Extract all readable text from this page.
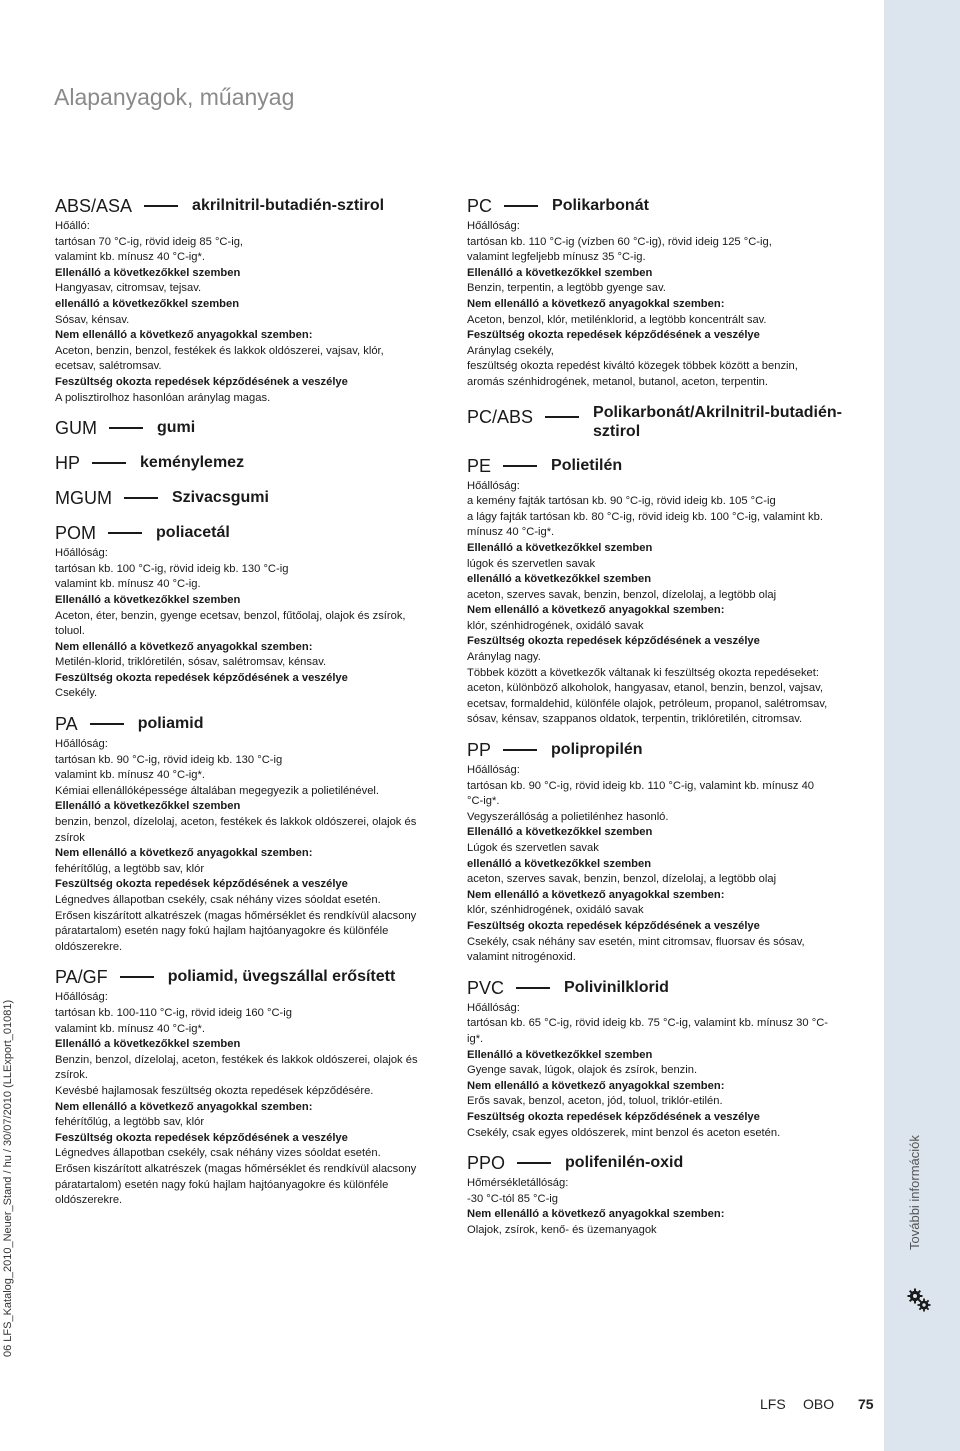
Alapanyagok, műanyag
További információk
06 LFS_Katalog_2010_Neuer_Stand / hu / 30/07/2010 (LLExport_01081)
LFS OBO 75
ABS/ASA	akrilnitril-butadién-sztirol

Hőálló:

tartósan 70 °C-ig, rövid ideig 85 °C-ig,

valamint kb. mínusz 40 °C-ig*.

Ellenálló a következőkkel szemben

Hangyasav, citromsav, tejsav.

ellenálló a következőkkel szemben

Sósav, kénsav.

Nem ellenálló a következő anyagokkal szemben:

Aceton, benzin, benzol, festékek és lakkok oldószerei, vajsav, klór,

ecetsav, salétromsav.

Feszültség okozta repedések képződésének a veszélye

A polisztirolhoz hasonlóan aránylag magas.

GUM	gumi
HP	keménylemez
MGUM	Szivacsgumi
POM	poliacetál

Hőállóság:

tartósan kb. 100 °C-ig, rövid ideig kb. 130 °C-ig

valamint kb. mínusz 40 °C-ig.

Ellenálló a következőkkel szemben

Aceton, éter, benzin, gyenge ecetsav, benzol, fűtőolaj, olajok és zsírok,

toluol.

Nem ellenálló a következő anyagokkal szemben:

Metilén-klorid, triklóretilén, sósav, salétromsav, kénsav.

Feszültség okozta repedések képződésének a veszélye

Csekély.

PA	poliamid

Hőállóság:

tartósan kb. 90 °C-ig, rövid ideig kb. 130 °C-ig

valamint kb. mínusz 40 °C-ig*.

Kémiai ellenállóképessége általában megegyezik a polietilénével.

Ellenálló a következőkkel szemben

benzin, benzol, dízelolaj, aceton, festékek és lakkok oldószerei, olajok és

zsírok

Nem ellenálló a következő anyagokkal szemben:

fehérítőlúg, a legtöbb sav, klór

Feszültség okozta repedések képződésének a veszélye

Légnedves állapotban csekély, csak néhány vizes sóoldat esetén.

Erősen kiszárított alkatrészek (magas hőmérséklet és rendkívül alacsony

páratartalom) esetén nagy fokú hajlam hajtóanyagokre és különféle

oldószerekre.

PA/GF	poliamid, üvegszállal erősített

Hőállóság:

tartósan kb. 100-110 °C-ig, rövid ideig 160 °C-ig

valamint kb. mínusz 40 °C-ig*.

Ellenálló a következőkkel szemben

Benzin, benzol, dízelolaj, aceton, festékek és lakkok oldószerei, olajok és

zsírok.

Kevésbé hajlamosak feszültség okozta repedések képződésére.

Nem ellenálló a következő anyagokkal szemben:

fehérítőlúg, a legtöbb sav, klór

Feszültség okozta repedések képződésének a veszélye

Légnedves állapotban csekély, csak néhány vizes sóoldat esetén.

Erősen kiszárított alkatrészek (magas hőmérséklet és rendkívül alacsony

páratartalom) esetén nagy fokú hajlam hajtóanyagokre és különféle

oldószerekre.

PC	Polikarbonát

Hőállóság:

tartósan kb. 110 °C-ig (vízben 60 °C-ig), rövid ideig 125 °C-ig,

valamint legfeljebb mínusz 35 °C-ig.

Ellenálló a következőkkel szemben

Benzin, terpentin, a legtöbb gyenge sav.

Nem ellenálló a következő anyagokkal szemben:

Aceton, benzol, klór, metilénklorid, a legtöbb koncentrált sav.

Feszültség okozta repedések képződésének a veszélye

Aránylag csekély,

feszültség okozta repedést kiváltó közegek többek között a benzin,

aromás szénhidrogének, metanol, butanol, aceton, terpentin.

PC/ABS	Polikarbonát/Akrilnitril-butadién-
sztirol
PE	Polietilén

Hőállóság:

a kemény fajták tartósan kb. 90 °C-ig, rövid ideig kb. 105 °C-ig

a lágy fajták tartósan kb. 80 °C-ig, rövid ideig kb. 100 °C-ig, valamint kb.

mínusz 40 °C-ig*.

Ellenálló a következőkkel szemben

lúgok és szervetlen savak

ellenálló a következőkkel szemben

aceton, szerves savak, benzin, benzol, dízelolaj, a legtöbb olaj

Nem ellenálló a következő anyagokkal szemben:

klór, szénhidrogének, oxidáló savak

Feszültség okozta repedések képződésének a veszélye

Aránylag nagy.

Többek között a következők váltanak ki feszültség okozta repedéseket:

aceton, különböző alkoholok, hangyasav, etanol, benzin, benzol, vajsav,

ecetsav, formaldehid, különféle olajok, petróleum, propanol, salétromsav,

sósav, kénsav, szappanos oldatok, terpentin, triklóretilén, citromsav.

PP	polipropilén

Hőállóság:

tartósan kb. 90 °C-ig, rövid ideig kb. 110 °C-ig, valamint kb. mínusz 40

°C-ig*.

Vegyszerállóság a polietilénhez hasonló.

Ellenálló a következőkkel szemben

Lúgok és szervetlen savak

ellenálló a következőkkel szemben

aceton, szerves savak, benzin, benzol, dízelolaj, a legtöbb olaj

Nem ellenálló a következő anyagokkal szemben:

klór, szénhidrogének, oxidáló savak

Feszültség okozta repedések képződésének a veszélye

Csekély, csak néhány sav esetén, mint citromsav, fluorsav és sósav,

valamint nitrogénoxid.

PVC	Polivinilklorid

Hőállóság:

tartósan kb. 65 °C-ig, rövid ideig kb. 75 °C-ig, valamint kb. mínusz 30 °C-

ig*.

Ellenálló a következőkkel szemben

Gyenge savak, lúgok, olajok és zsírok, benzin.

Nem ellenálló a következő anyagokkal szemben:

Erős savak, benzol, aceton, jód, toluol, triklór-etilén.

Feszültség okozta repedések képződésének a veszélye

Csekély, csak egyes oldószerek, mint benzol és aceton esetén.

PPO	polifenilén-oxid

Hőmérsékletállóság:

-30 °C-tól 85 °C-ig

Nem ellenálló a következő anyagokkal szemben:

Olajok, zsírok, kenő- és üzemanyagok
